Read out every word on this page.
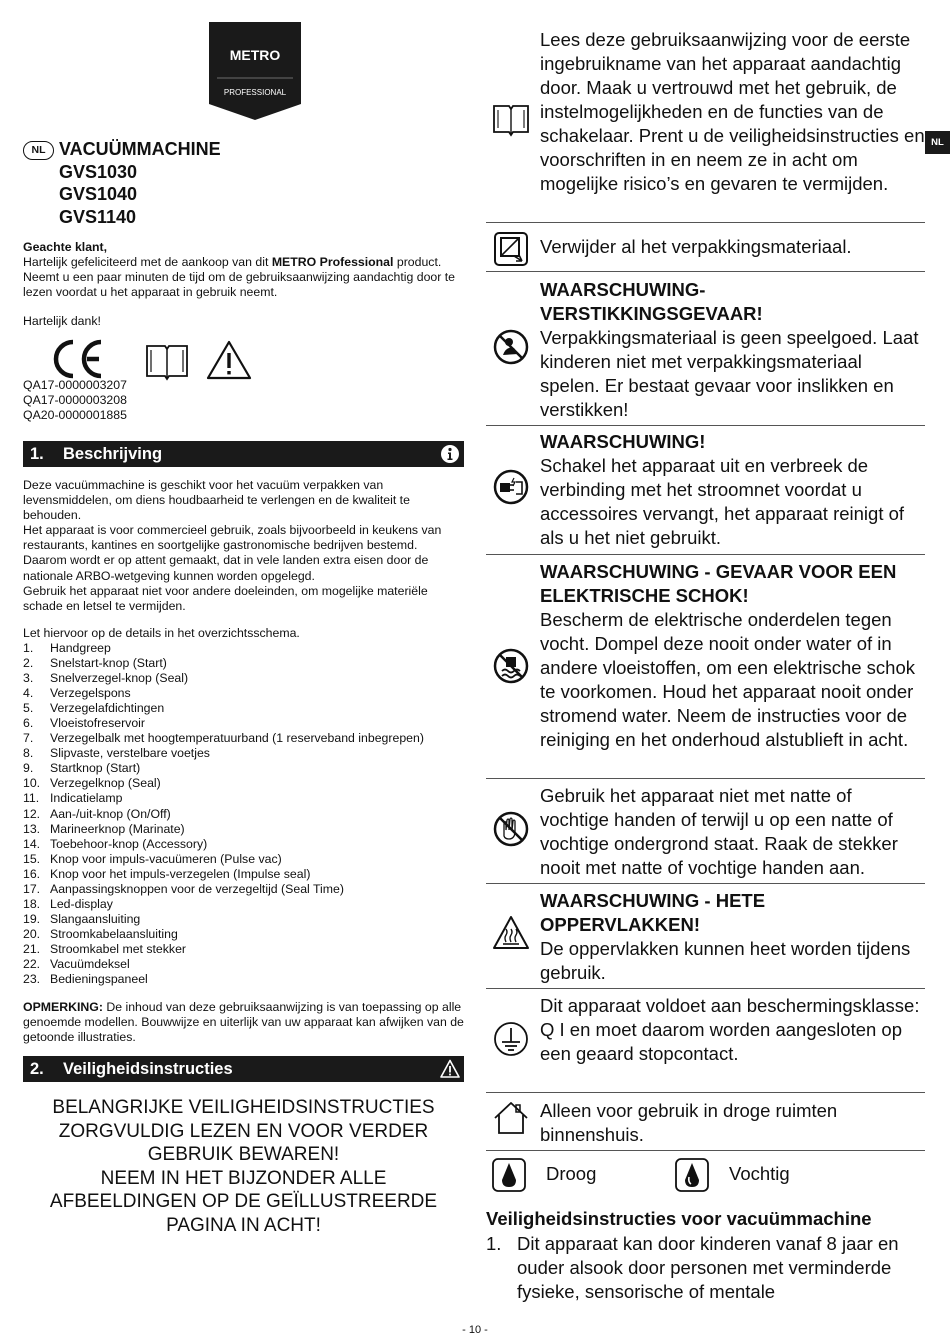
METRO
PROFESSIONAL
NL VACUÜMMACHINE
GVS1030
GVS1040
GVS1140

Geachte klant,

Hartelijk gefeliciteerd met de aankoop van dit METRO Professional product.

Neemt u een paar minuten de tijd om de gebruiksaanwijzing aandachtig door te lezen voordat u het apparaat in gebruik neemt.

Hartelijk dank!
QA17-0000003207
QA17-0000003208
QA20-0000001885
1. Beschrijving

Deze vacuümmachine is geschikt voor het vacuüm verpakken van levensmiddelen, om diens houdbaarheid te verlengen en de kwaliteit te behouden.

Het apparaat is voor commercieel gebruik, zoals bijvoorbeeld in keukens van restaurants, kantines en soortgelijke gastronomische bedrijven bestemd.

Daarom wordt er op attent gemaakt, dat in vele landen extra eisen door de nationale ARBO-wetgeving kunnen worden opgelegd.

Gebruik het apparaat niet voor andere doeleinden, om mogelijke materiële schade en letsel te vermijden.

Let hiervoor op de details in het overzichtsschema.
1.	Handgreep
2.	Snelstart-knop (Start)
3.	Snelverzegel-knop (Seal)
4.	Verzegelspons
5.	Verzegelafdichtingen
6.	Vloeistofreservoir
7.	Verzegelbalk met hoogtemperatuurband (1 reserveband inbegrepen)
8.	Slipvaste, verstelbare voetjes
9.	Startknop (Start)
10. Verzegelknop (Seal)
11. Indicatielamp
12. Aan-/uit-knop (On/Off)
13. Marineerknop (Marinate)
14. Toebehoor-knop (Accessory)
15. Knop voor impuls-vacuümeren (Pulse vac)
16. Knop voor het impuls-verzegelen (Impulse seal)
17. Aanpassingsknoppen voor de verzegeltijd (Seal Time)
18. Led-display
19. Slangaansluiting
20. Stroomkabelaansluiting
21. Stroomkabel met stekker
22. Vacuümdeksel
23. Bedieningspaneel
OPMERKING: De inhoud van deze gebruiksaanwijzing is van toepassing op alle genoemde modellen. Bouwwijze en uiterlijk van uw apparaat kan afwijken van de getoonde illustraties.
2. Veiligheidsinstructies
BELANGRIJKE VEILIGHEIDSINSTRUCTIES
ZORGVULDIG LEZEN EN VOOR VERDER
GEBRUIK BEWAREN!
NEEM IN HET BIJZONDER ALLE
AFBEELDINGEN OP DE GEÏLLUSTREERDE
PAGINA IN ACHT!
Lees deze gebruiksaanwijzing voor de eerste ingebruikname van het apparaat aandachtig door. Maak u vertrouwd met het gebruik, de instelmogelijkheden en de functies van de schakelaar. Prent u de veiligheidsinstructies en voorschriften in en neem ze in acht om mogelijke risico’s en gevaren te vermijden.
Verwijder al het verpakkingsmateriaal.
WAARSCHUWING- VERSTIKKINGSGEVAAR!
Verpakkingsmateriaal is geen speelgoed. Laat kinderen niet met verpakkingsmateriaal spelen. Er bestaat gevaar voor inslikken en verstikken!
WAARSCHUWING!
Schakel het apparaat uit en verbreek de verbinding met het stroomnet voordat u accessoires vervangt, het apparaat reinigt of als u het niet gebruikt.
WAARSCHUWING - GEVAAR VOOR EEN ELEKTRISCHE SCHOK!
Bescherm de elektrische onderdelen tegen vocht. Dompel deze nooit onder water of in andere vloeistoffen, om een elektrische schok te voorkomen. Houd het apparaat nooit onder stromend water. Neem de instructies voor de reiniging en het onderhoud alstublieft in acht.
Gebruik het apparaat niet met natte of vochtige handen of terwijl u op een natte of vochtige ondergrond staat. Raak de stekker nooit met natte of vochtige handen aan.
WAARSCHUWING - HETE OPPERVLAKKEN!
De oppervlakken kunnen heet worden tijdens gebruik.
Dit apparaat voldoet aan beschermingsklasse: Q I en moet daarom worden aangesloten op een geaard stopcontact.
Alleen voor gebruik in droge ruimten binnenshuis.
Droog	Vochtig
NL
Veiligheidsinstructies voor vacuümmachine
1. Dit apparaat kan door kinderen vanaf 8 jaar en ouder alsook door personen met verminderde fysieke, sensorische of mentale
- 10 -
